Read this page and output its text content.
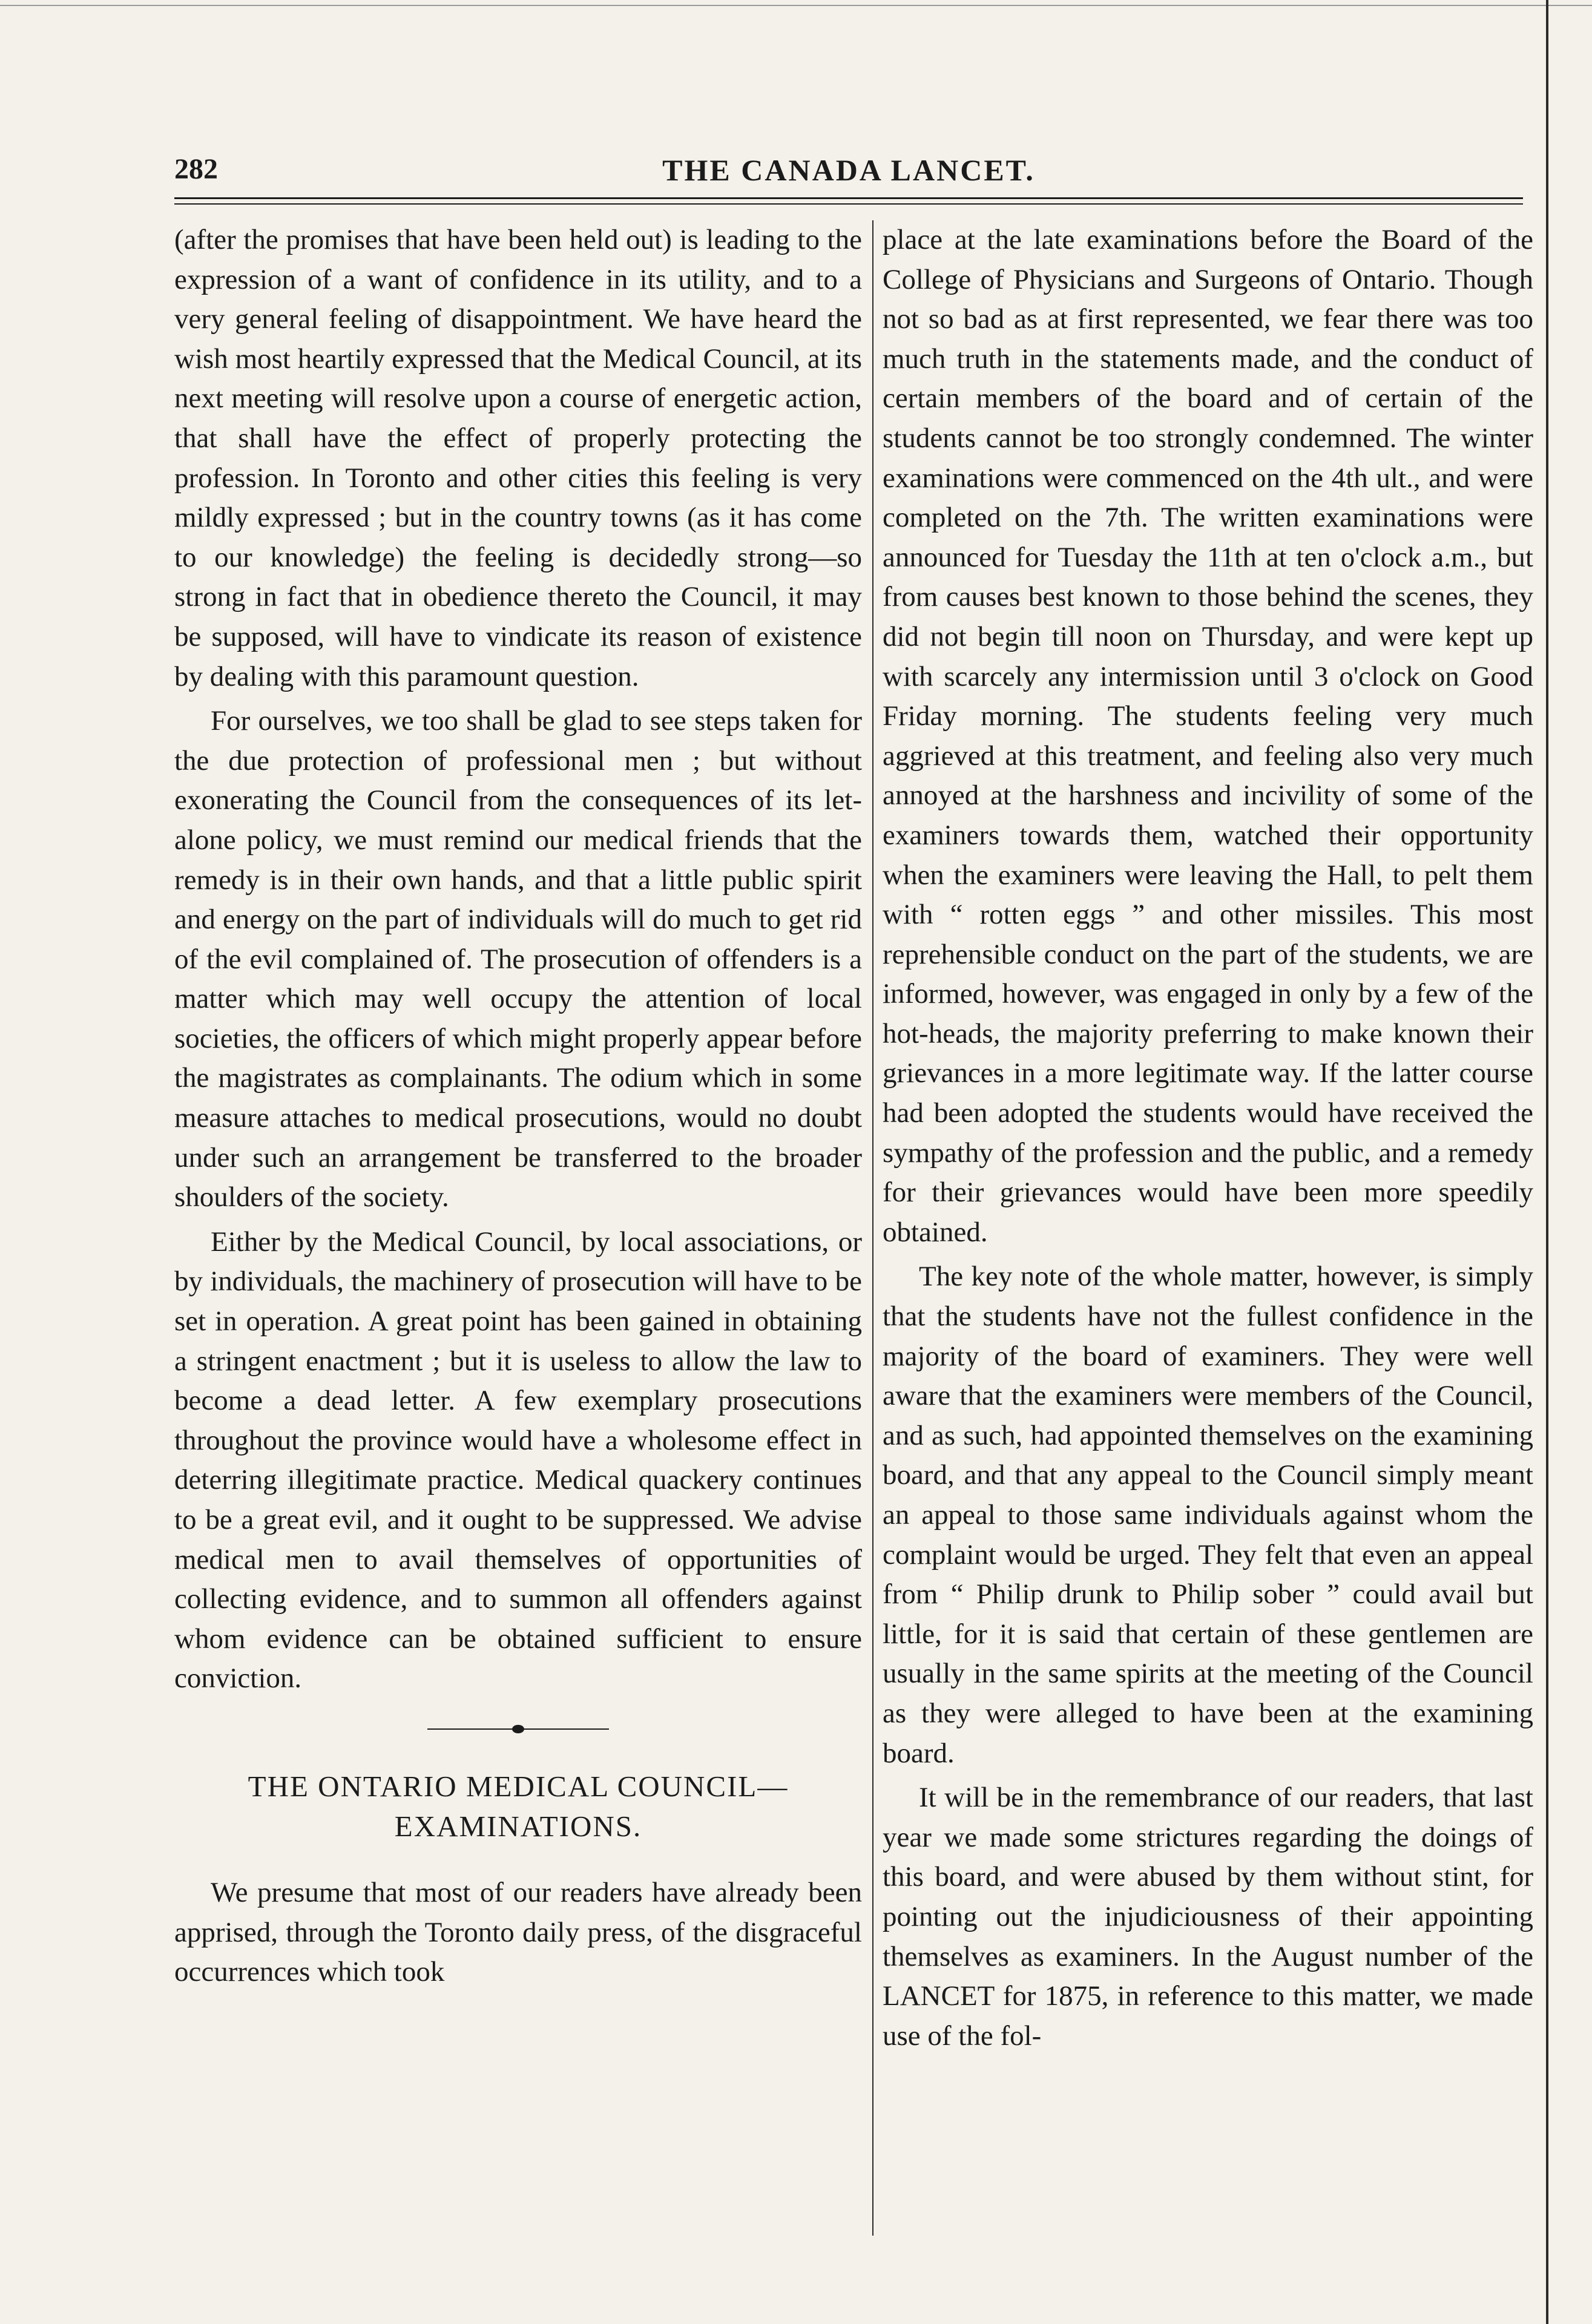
282	THE CANADA LANCET.

(after the promises that have been held out) is leading to the expression of a want of confidence in its utility, and to a very general feeling of disappointment. We have heard the wish most heartily expressed that the Medical Council, at its next meeting will resolve upon a course of energetic action, that shall have the effect of properly protecting the profession. In Toronto and other cities this feeling is very mildly expressed ; but in the country towns (as it has come to our knowledge) the feeling is decidedly strong—so strong in fact that in obedience thereto the Council, it may be supposed, will have to vindicate its reason of existence by dealing with this paramount question.

For ourselves, we too shall be glad to see steps taken for the due protection of professional men ; but without exonerating the Council from the consequences of its let-alone policy, we must remind our medical friends that the remedy is in their own hands, and that a little public spirit and energy on the part of individuals will do much to get rid of the evil complained of. The prosecution of offenders is a matter which may well occupy the attention of local societies, the officers of which might properly appear before the magistrates as complainants. The odium which in some measure attaches to medical prosecutions, would no doubt under such an arrangement be transferred to the broader shoulders of the society.

Either by the Medical Council, by local associations, or by individuals, the machinery of prosecution will have to be set in operation. A great point has been gained in obtaining a stringent enactment ; but it is useless to allow the law to become a dead letter. A few exemplary prosecutions throughout the province would have a wholesome effect in deterring illegitimate practice. Medical quackery continues to be a great evil, and it ought to be suppressed. We advise medical men to avail themselves of opportunities of collecting evidence, and to summon all offenders against whom evidence can be obtained sufficient to ensure conviction.

THE ONTARIO MEDICAL COUNCIL—
EXAMINATIONS.

We presume that most of our readers have already been apprised, through the Toronto daily press, of the disgraceful occurrences which took

place at the late examinations before the Board of the College of Physicians and Surgeons of Ontario. Though not so bad as at first represented, we fear there was too much truth in the statements made, and the conduct of certain members of the board and of certain of the students cannot be too strongly condemned. The winter examinations were commenced on the 4th ult., and were completed on the 7th. The written examinations were announced for Tuesday the 11th at ten o'clock a.m., but from causes best known to those behind the scenes, they did not begin till noon on Thursday, and were kept up with scarcely any intermission until 3 o'clock on Good Friday morning. The students feeling very much aggrieved at this treatment, and feeling also very much annoyed at the harshness and incivility of some of the examiners towards them, watched their opportunity when the examiners were leaving the Hall, to pelt them with “ rotten eggs ” and other missiles. This most reprehensible conduct on the part of the students, we are informed, however, was engaged in only by a few of the hot-heads, the majority preferring to make known their grievances in a more legitimate way. If the latter course had been adopted the students would have received the sympathy of the profession and the public, and a remedy for their grievances would have been more speedily obtained.

The key note of the whole matter, however, is simply that the students have not the fullest confidence in the majority of the board of examiners. They were well aware that the examiners were members of the Council, and as such, had appointed themselves on the examining board, and that any appeal to the Council simply meant an appeal to those same individuals against whom the complaint would be urged. They felt that even an appeal from “ Philip drunk to Philip sober ” could avail but little, for it is said that certain of these gentlemen are usually in the same spirits at the meeting of the Council as they were alleged to have been at the examining board.

It will be in the remembrance of our readers, that last year we made some strictures regarding the doings of this board, and were abused by them without stint, for pointing out the injudiciousness of their appointing themselves as examiners. In the August number of the LANCET for 1875, in reference to this matter, we made use of the fol-
